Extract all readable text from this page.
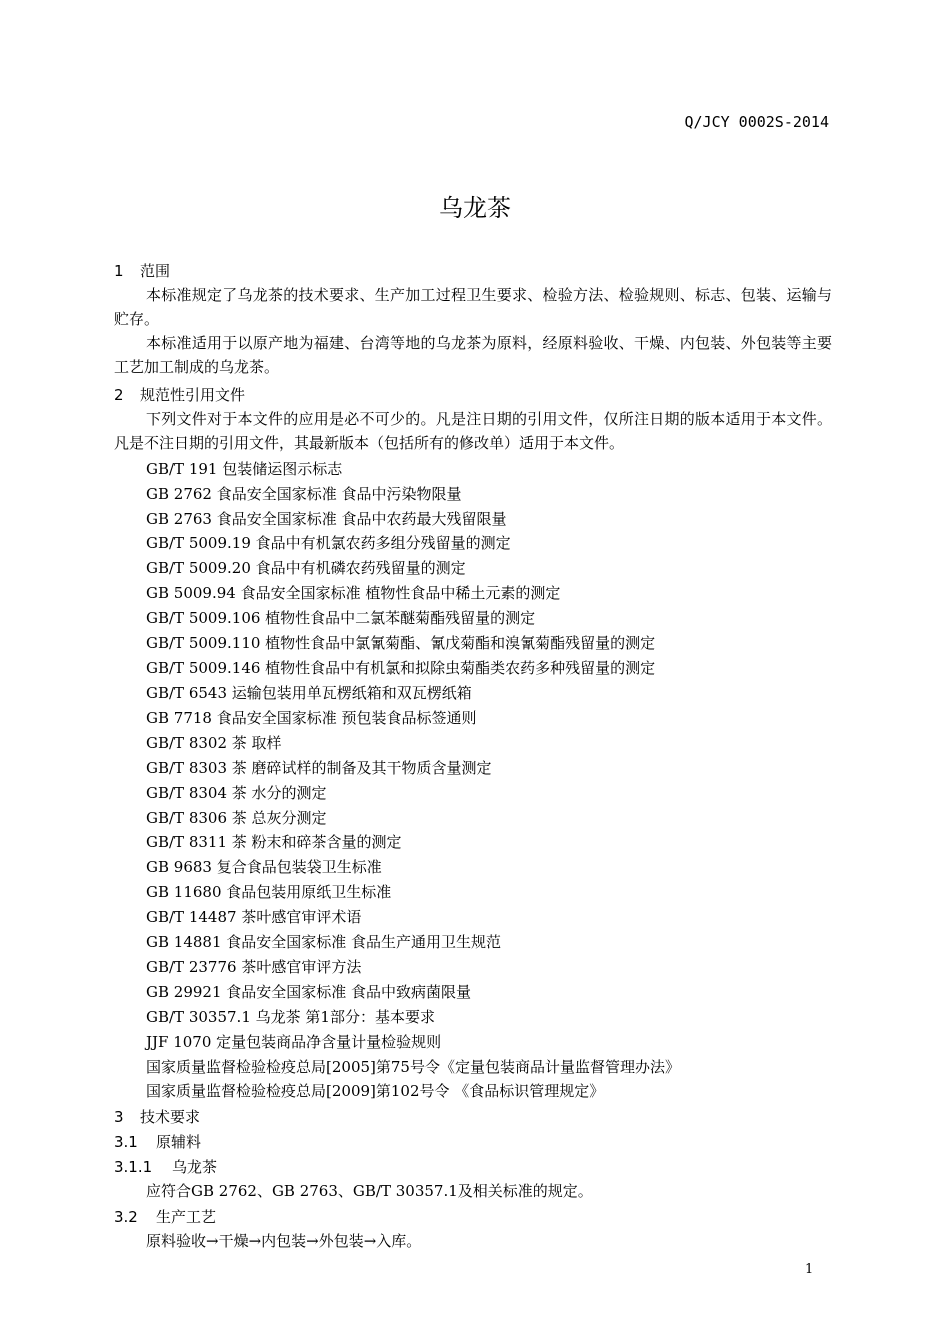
Q/JCY 0002S-2014
乌龙茶
1 范围
本标准规定了乌龙茶的技术要求、生产加工过程卫生要求、检验方法、检验规则、标志、包装、运输与贮存。
本标准适用于以原产地为福建、台湾等地的乌龙茶为原料，经原料验收、干燥、内包装、外包装等主要工艺加工制成的乌龙茶。
2 规范性引用文件
下列文件对于本文件的应用是必不可少的。凡是注日期的引用文件，仅所注日期的版本适用于本文件。凡是不注日期的引用文件，其最新版本（包括所有的修改单）适用于本文件。
GB/T 191 包装储运图示标志
GB 2762 食品安全国家标准 食品中污染物限量
GB 2763 食品安全国家标准 食品中农药最大残留限量
GB/T 5009.19 食品中有机氯农药多组分残留量的测定
GB/T 5009.20 食品中有机磷农药残留量的测定
GB 5009.94 食品安全国家标准 植物性食品中稀土元素的测定
GB/T 5009.106 植物性食品中二氯苯醚菊酯残留量的测定
GB/T 5009.110 植物性食品中氯氰菊酯、氰戊菊酯和溴氰菊酯残留量的测定
GB/T 5009.146 植物性食品中有机氯和拟除虫菊酯类农药多种残留量的测定
GB/T 6543 运输包装用单瓦楞纸箱和双瓦楞纸箱
GB 7718 食品安全国家标准 预包装食品标签通则
GB/T 8302 茶 取样
GB/T 8303 茶 磨碎试样的制备及其干物质含量测定
GB/T 8304 茶 水分的测定
GB/T 8306 茶 总灰分测定
GB/T 8311 茶 粉末和碎茶含量的测定
GB 9683 复合食品包装袋卫生标准
GB 11680 食品包装用原纸卫生标准
GB/T 14487 茶叶感官审评术语
GB 14881 食品安全国家标准 食品生产通用卫生规范
GB/T 23776 茶叶感官审评方法
GB 29921 食品安全国家标准 食品中致病菌限量
GB/T 30357.1 乌龙茶 第1部分：基本要求
JJF 1070 定量包装商品净含量计量检验规则
国家质量监督检验检疫总局[2005]第75号令《定量包装商品计量监督管理办法》
国家质量监督检验检疫总局[2009]第102号令 《食品标识管理规定》
3 技术要求
3.1 原辅料
3.1.1 乌龙茶
应符合GB 2762、GB 2763、GB/T 30357.1及相关标准的规定。
3.2 生产工艺
原料验收→干燥→内包装→外包装→入库。
1
